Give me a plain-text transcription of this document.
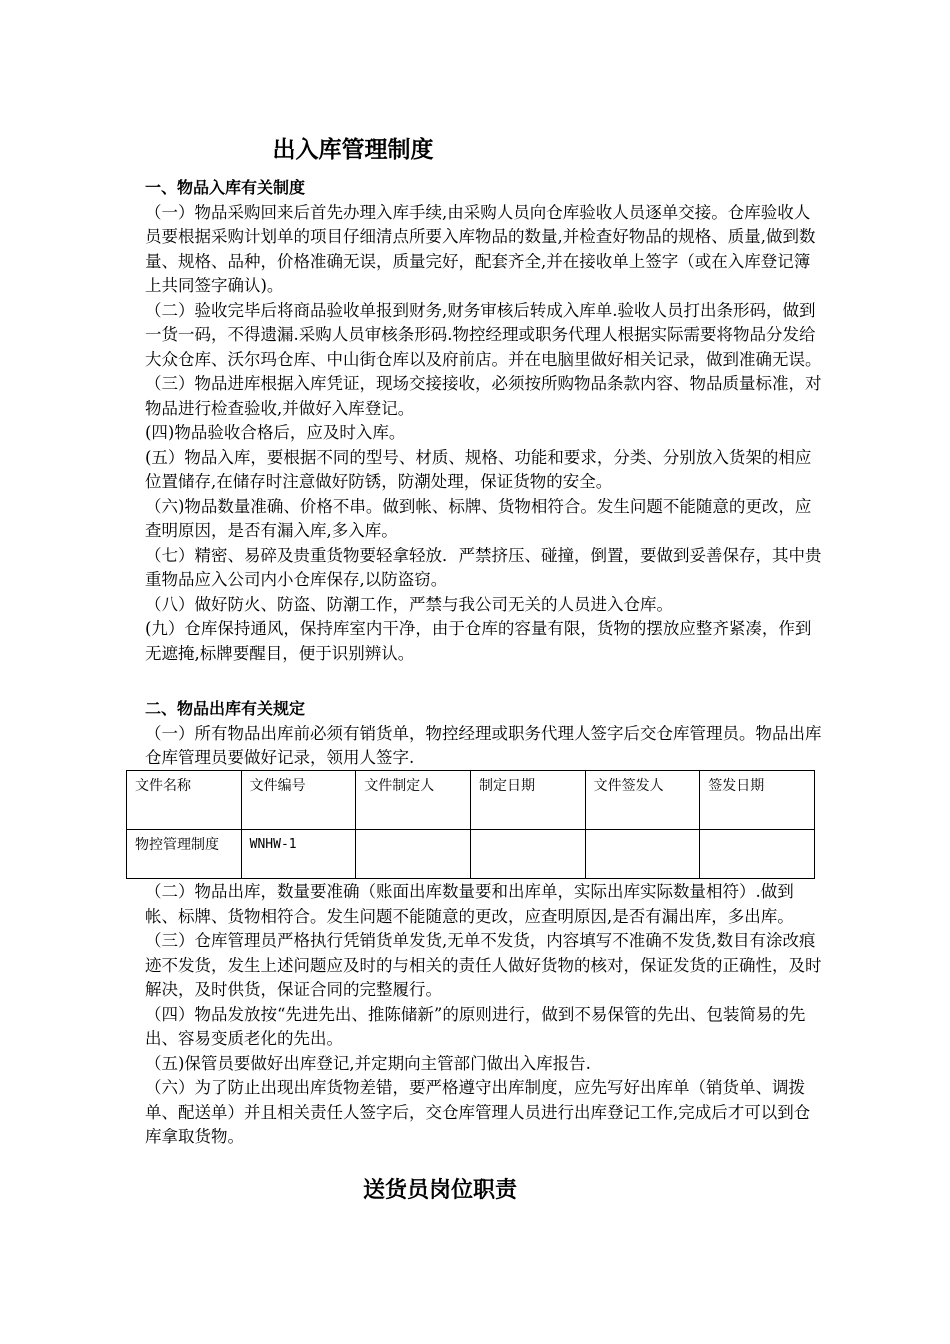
出入库管理制度

一、物品入库有关制度

（一）物品采购回来后首先办理入库手续,由采购人员向仓库验收人员逐单交接。仓库验收人员要根据采购计划单的项目仔细清点所要入库物品的数量,并检查好物品的规格、质量,做到数量、规格、品种，价格准确无误，质量完好，配套齐全,并在接收单上签字（或在入库登记簿上共同签字确认)。

（二）验收完毕后将商品验收单报到财务,财务审核后转成入库单.验收人员打出条形码，做到一货一码，不得遗漏.采购人员审核条形码.物控经理或职务代理人根据实际需要将物品分发给大众仓库、沃尔玛仓库、中山街仓库以及府前店。并在电脑里做好相关记录，做到准确无误。

（三）物品进库根据入库凭证，现场交接接收，必须按所购物品条款内容、物品质量标准，对物品进行检查验收,并做好入库登记。

(四)物品验收合格后，应及时入库。

(五）物品入库，要根据不同的型号、材质、规格、功能和要求，分类、分别放入货架的相应位置储存,在储存时注意做好防锈，防潮处理，保证货物的安全。

（六)物品数量准确、价格不串。做到帐、标牌、货物相符合。发生问题不能随意的更改，应查明原因，是否有漏入库,多入库。

（七）精密、易碎及贵重货物要轻拿轻放．严禁挤压、碰撞，倒置，要做到妥善保存，其中贵重物品应入公司内小仓库保存,以防盗窃。

（八）做好防火、防盗、防潮工作，严禁与我公司无关的人员进入仓库。

(九）仓库保持通风，保持库室内干净，由于仓库的容量有限，货物的摆放应整齐紧凑，作到无遮掩,标牌要醒目，便于识别辨认。

二、物品出库有关规定

（一）所有物品出库前必须有销货单，物控经理或职务代理人签字后交仓库管理员。物品出库仓库管理员要做好记录，领用人签字.

文件名称	文件编号	文件制定人	制定日期	文件签发人	签发日期
物控管理制度	WNHW-1				

（二）物品出库，数量要准确（账面出库数量要和出库单，实际出库实际数量相符）.做到帐、标牌、货物相符合。发生问题不能随意的更改，应查明原因,是否有漏出库，多出库。

（三）仓库管理员严格执行凭销货单发货,无单不发货，内容填写不准确不发货,数目有涂改痕迹不发货，发生上述问题应及时的与相关的责任人做好货物的核对，保证发货的正确性，及时解决，及时供货，保证合同的完整履行。

（四）物品发放按“先进先出、推陈储新”的原则进行，做到不易保管的先出、包装简易的先出、容易变质老化的先出。

（五)保管员要做好出库登记,并定期向主管部门做出入库报告.

（六）为了防止出现出库货物差错，要严格遵守出库制度，应先写好出库单（销货单、调拨单、配送单）并且相关责任人签字后，交仓库管理人员进行出库登记工作,完成后才可以到仓库拿取货物。

送货员岗位职责
